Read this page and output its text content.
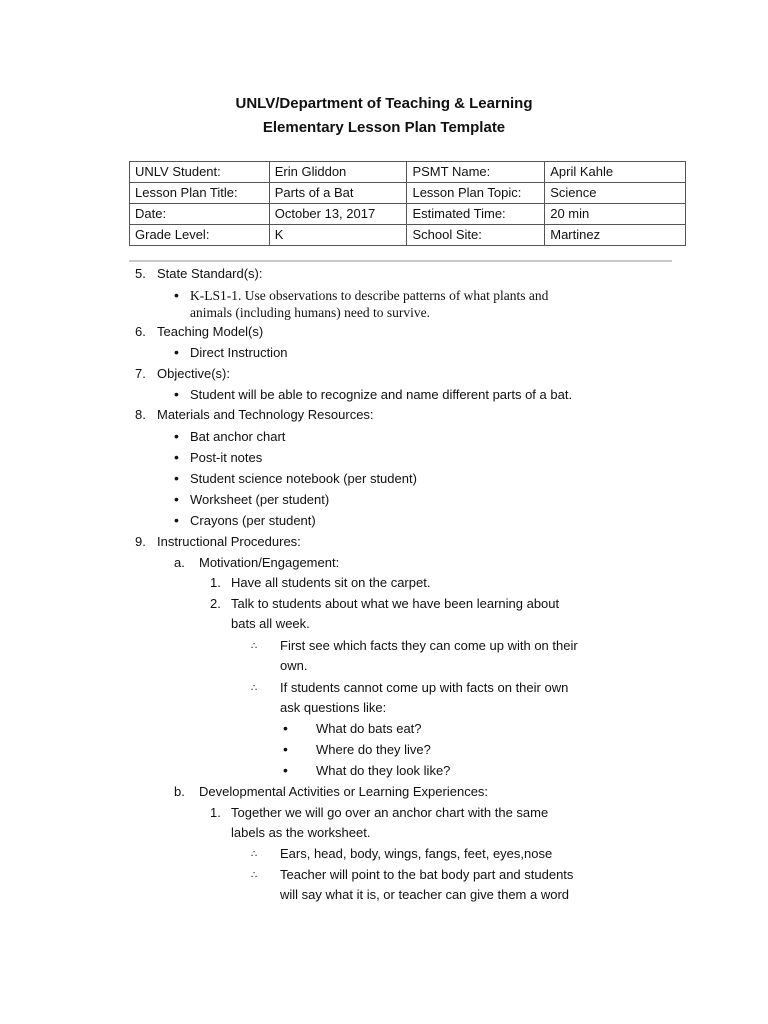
UNLV/Department of Teaching & Learning
Elementary Lesson Plan Template
UNLV Student:	Erin Gliddon	PSMT Name:	April Kahle
Lesson Plan Title:	Parts of a Bat	Lesson Plan Topic:	Science
Date:	October 13, 2017	Estimated Time:	20 min
Grade Level:	K	School Site:	Martinez
5. State Standard(s):
• K-LS1-1. Use observations to describe patterns of what plants and
animals (including humans) need to survive.
6. Teaching Model(s)
• Direct Instruction
7. Objective(s):
• Student will be able to recognize and name different parts of a bat.
8. Materials and Technology Resources:
• Bat anchor chart
• Post-it notes
• Student science notebook (per student)
• Worksheet (per student)
• Crayons (per student)
9. Instructional Procedures:
a. Motivation/Engagement:
1. Have all students sit on the carpet.
2. Talk to students about what we have been learning about
bats all week.
∴ First see which facts they can come up with on their
own.
∴ If students cannot come up with facts on their own
ask questions like:
• What do bats eat?
• Where do they live?
• What do they look like?
b. Developmental Activities or Learning Experiences:
1. Together we will go over an anchor chart with the same
labels as the worksheet.
∴ Ears, head, body, wings, fangs, feet, eyes,nose
∴ Teacher will point to the bat body part and students
will say what it is, or teacher can give them a word
